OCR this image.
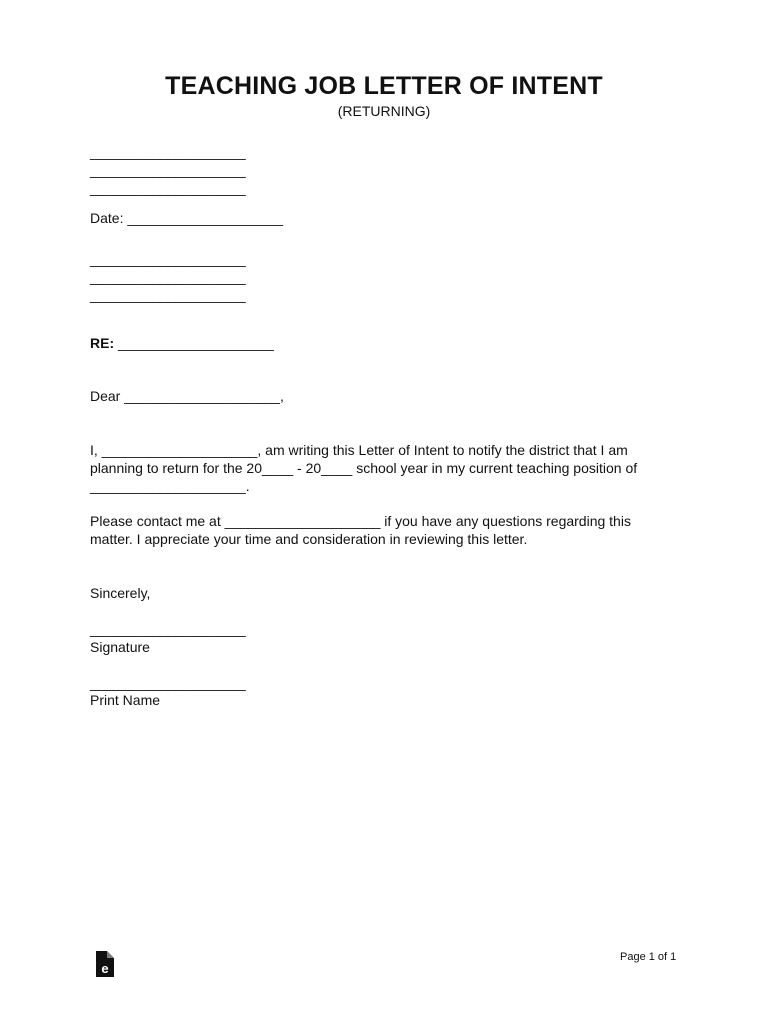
TEACHING JOB LETTER OF INTENT
(RETURNING)
____________________
____________________
____________________
Date: ____________________
____________________
____________________
____________________
RE: ____________________
Dear ____________________,
I, ____________________, am writing this Letter of Intent to notify the district that I am planning to return for the 20____ - 20____ school year in my current teaching position of ____________________.
Please contact me at ____________________ if you have any questions regarding this matter. I appreciate your time and consideration in reviewing this letter.
Sincerely,
____________________
Signature
____________________
Print Name
e
Page 1 of 1
